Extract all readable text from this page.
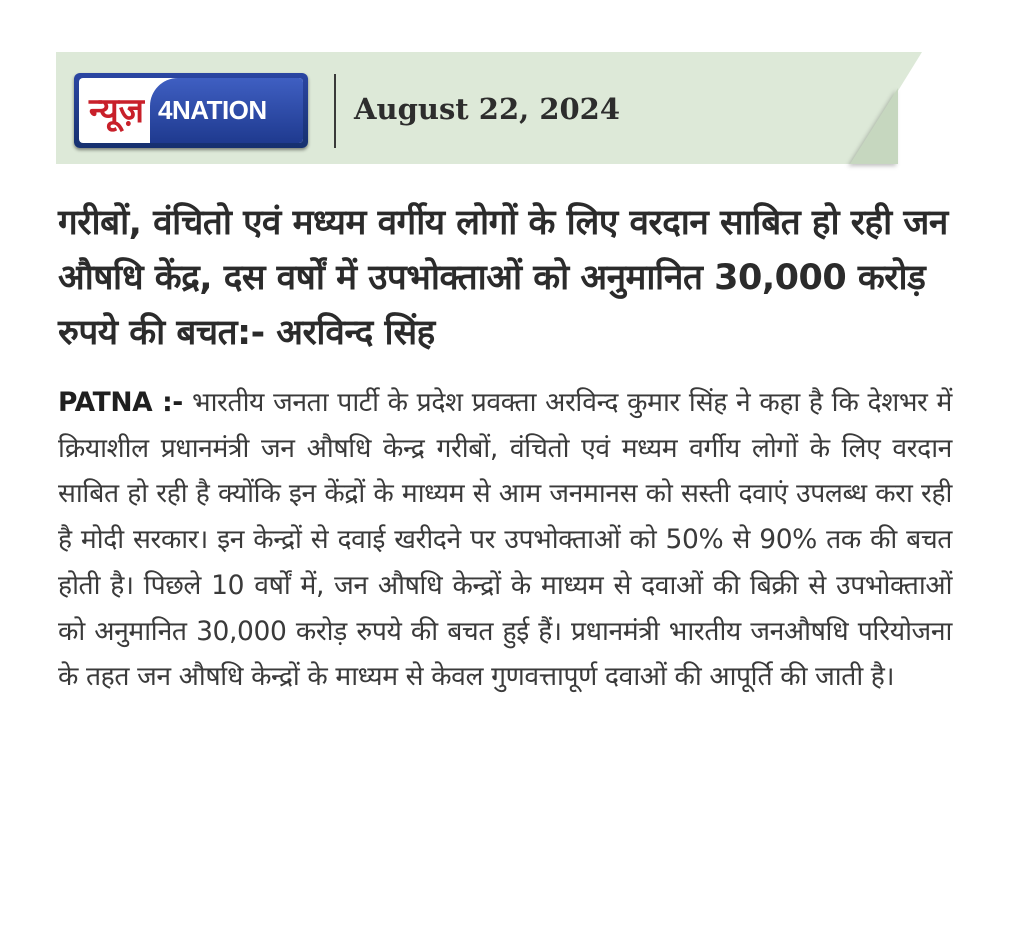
न्यूज़ 4NATION	August 22, 2024
गरीबों, वंचितो एवं मध्यम वर्गीय लोगों के लिए वरदान साबित हो रही जन औषधि केंद्र, दस वर्षों में उपभोक्ताओं को अनुमानित 30,000 करोड़ रुपये की बचत:- अरविन्द सिंह

PATNA :- भारतीय जनता पार्टी के प्रदेश प्रवक्ता अरविन्द कुमार सिंह ने कहा है कि देशभर में क्रियाशील प्रधानमंत्री जन औषधि केन्द्र गरीबों, वंचितो एवं मध्यम वर्गीय लोगों के लिए वरदान साबित हो रही है क्योंकि इन केंद्रों के माध्यम से आम जनमानस को सस्ती दवाएं उपलब्ध करा रही है मोदी सरकार। इन केन्द्रों से दवाई खरीदने पर उपभोक्ताओं को 50% से 90% तक की बचत होती है। पिछले 10 वर्षों में, जन औषधि केन्द्रों के माध्यम से दवाओं की बिक्री से उपभोक्ताओं को अनुमानित 30,000 करोड़ रुपये की बचत हुई हैं। प्रधानमंत्री भारतीय जनऔषधि परियोजना के तहत जन औषधि केन्द्रों के माध्यम से केवल गुणवत्तापूर्ण दवाओं की आपूर्ति की जाती है।
